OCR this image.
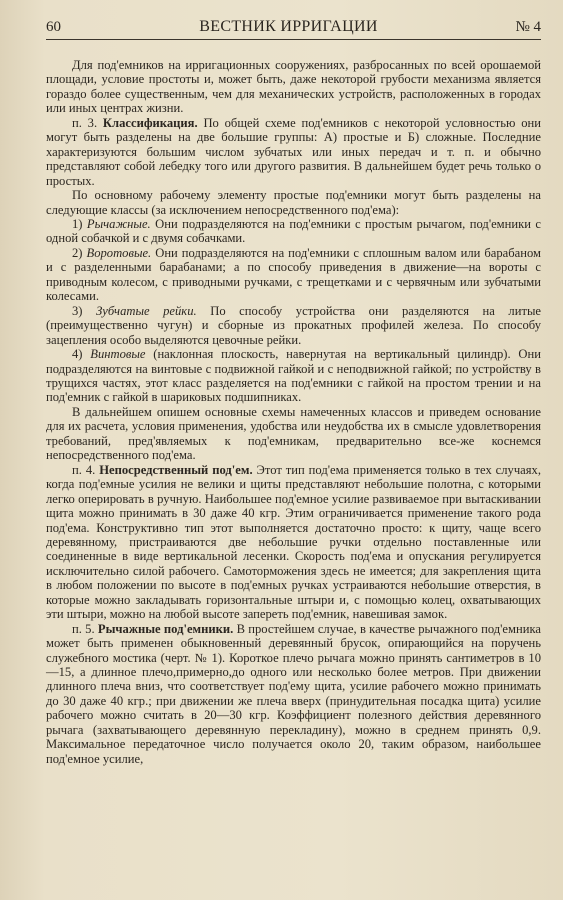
60	ВЕСТНИК ИРРИГАЦИИ	№ 4

Для под'емников на ирригационных сооружениях, разбросанных по всей орошаемой площади, условие простоты и, может быть, даже некоторой грубости механизма является гораздо более существенным, чем для механических устройств, расположенных в городах или иных центрах жизни.

п. 3. Классификация. По общей схеме под'емников с некоторой условностью они могут быть разделены на две большие группы: А) простые и Б) сложные. Последние характеризуются большим числом зубчатых или иных передач и т. п. и обычно представляют собой лебедку того или другого развития. В дальнейшем будет речь только о простых.

По основному рабочему элементу простые под'емники могут быть разделены на следующие классы (за исключением непосредственного под'ема):

1) Рычажные. Они подразделяются на под'емники с простым рычагом, под'емники с одной собачкой и с двумя собачками.

2) Воротовые. Они подразделяются на под'емники с сплошным валом или барабаном и с разделенными барабанами; а по способу приведения в движение—на вороты с приводным колесом, с приводными ручками, с трещетками и с червячным или зубчатыми колесами.

3) Зубчатые рейки. По способу устройства они разделяются на литые (преимущественно чугун) и сборные из прокатных профилей железа. По способу зацепления особо выделяются цевочные рейки.

4) Винтовые (наклонная плоскость, навернутая на вертикальный цилиндр). Они подразделяются на винтовые с подвижной гайкой и с неподвижной гайкой; по устройству в трущихся частях, этот класс разделяется на под'емники с гайкой на простом трении и на под'емник с гайкой в шариковых подшипниках.

В дальнейшем опишем основные схемы намеченных классов и приведем основание для их расчета, условия применения, удобства или неудобства их в смысле удовлетворения требований, пред'являемых к под'емникам, предварительно все-же коснемся непосредственного под'ема.

п. 4. Непосредственный под'ем. Этот тип под'ема применяется только в тех случаях, когда под'емные усилия не велики и щиты представляют небольшие полотна, с которыми легко оперировать в ручную. Наибольшее под'емное усилие развиваемое при вытаскивании щита можно принимать в 30 даже 40 кгр. Этим ограничивается применение такого рода под'ема. Конструктивно тип этот выполняется достаточно просто: к щиту, чаще всего деревянному, пристраиваются две небольшие ручки отдельно поставленные или соединенные в виде вертикальной лесенки. Скорость под'ема и опускания регулируется исключительно силой рабочего. Самоторможения здесь не имеется; для закрепления щита в любом положении по высоте в под'емных ручках устраиваются небольшие отверстия, в которые можно закладывать горизонтальные штыри и, с помощью колец, охватывающих эти штыри, можно на любой высоте запереть под'емник, навешивая замок.

п. 5. Рычажные под'емники. В простейшем случае, в качестве рычажного под'емника может быть применен обыкновенный деревянный брусок, опирающийся на поручень служебного мостика (черт. № 1). Короткое плечо рычага можно принять сантиметров в 10—15, а длинное плечо,примерно,до одного или несколько более метров. При движении длинного плеча вниз, что соответствует под'ему щита, усилие рабочего можно принимать до 30 даже 40 кгр.; при движении же плеча вверх (принудительная посадка щита) усилие рабочего можно считать в 20—30 кгр. Коэффициент полезного действия деревянного рычага (захватывающего деревянную перекладину), можно в среднем принять 0,9. Максимальное передаточное число получается около 20, таким образом, наибольшее под'емное усилие,
